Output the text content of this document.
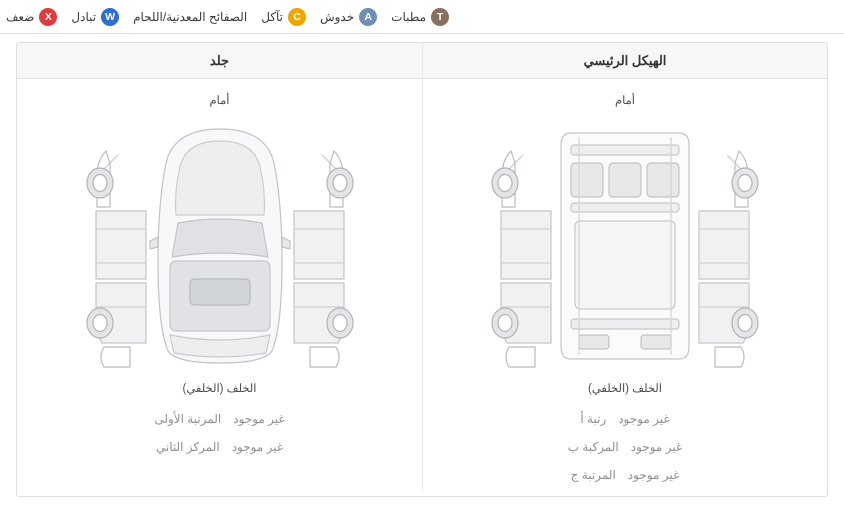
T
مطبات
A
خدوش
C
تآكل
الصفائح المعدنية/اللحام
W
تبادل
X
ضعف
الهيكل الرئيسي
جلد
أمام
الخلف (الخلفي)
غير موجود
رتبة أ
غير موجود
المركبة ب
غير موجود
المرتبة ج
أمام
الخلف (الخلفي)
غير موجود
المرتبة الأولى
غير موجود
المركز الثاني
